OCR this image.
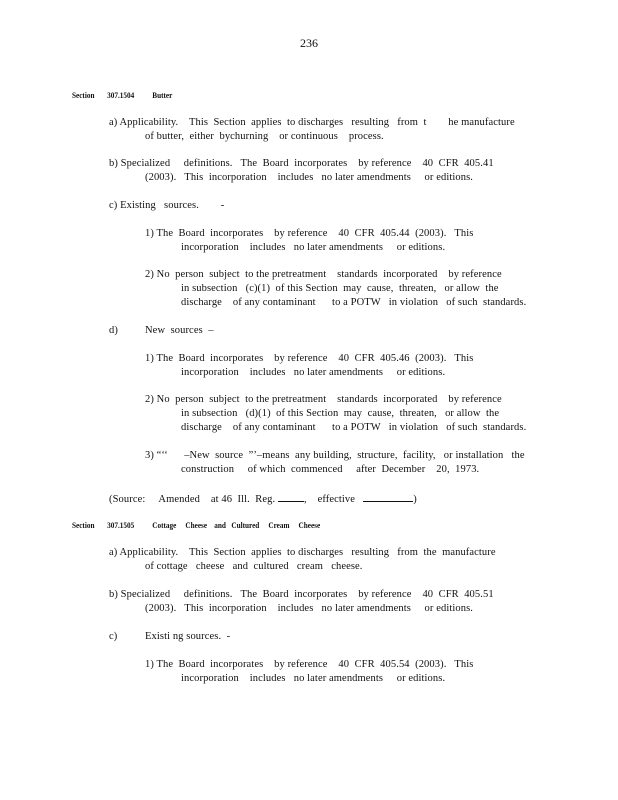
236
Section 307.1504 Butter
a) Applicability.    This  Section  applies  to discharges   resulting   from  t        he manufacture
of butter,  either  bychurning    or continuous    process.
b) Specialized     definitions.   The  Board  incorporates    by reference    40  CFR  405.41
(2003).   This  incorporation    includes   no later amendments     or editions.
c) Existing   sources.        -
1) The  Board  incorporates    by reference    40  CFR  405.44  (2003).   This
incorporation    includes   no later amendments     or editions.
2) No  person  subject  to the pretreatment    standards  incorporated    by reference
in subsection   (c)(1)  of this Section  may  cause,  threaten,   or allow  the
discharge    of any contaminant      to a POTW   in violation   of such  standards.
d)	New  sources  –
1) The  Board  incorporates    by reference    40  CFR  405.46  (2003).   This
incorporation    includes   no later amendments     or editions.
2) No  person  subject  to the pretreatment    standards  incorporated    by reference
in subsection   (d)(1)  of this Section  may  cause,  threaten,   or allow  the
discharge    of any contaminant      to a POTW   in violation   of such  standards.
3) “‘‘      –New  source  ”’–means  any building,  structure,  facility,   or installation   the
construction     of which  commenced     after  December    20,  1973.
(Source:     Amended    at 46  Ill.  Reg.	,    effective	)
Section 307.1505 Cottage     Cheese    and   Cultured     Cream     Cheese
a) Applicability.    This  Section  applies  to discharges   resulting   from  the  manufacture
of cottage   cheese   and  cultured   cream   cheese.
b) Specialized     definitions.   The  Board  incorporates    by reference    40  CFR  405.51
(2003).   This  incorporation    includes   no later amendments     or editions.
c)	Existi ng sources.  -
1) The  Board  incorporates    by reference    40  CFR  405.54  (2003).   This
incorporation    includes   no later amendments     or editions.
